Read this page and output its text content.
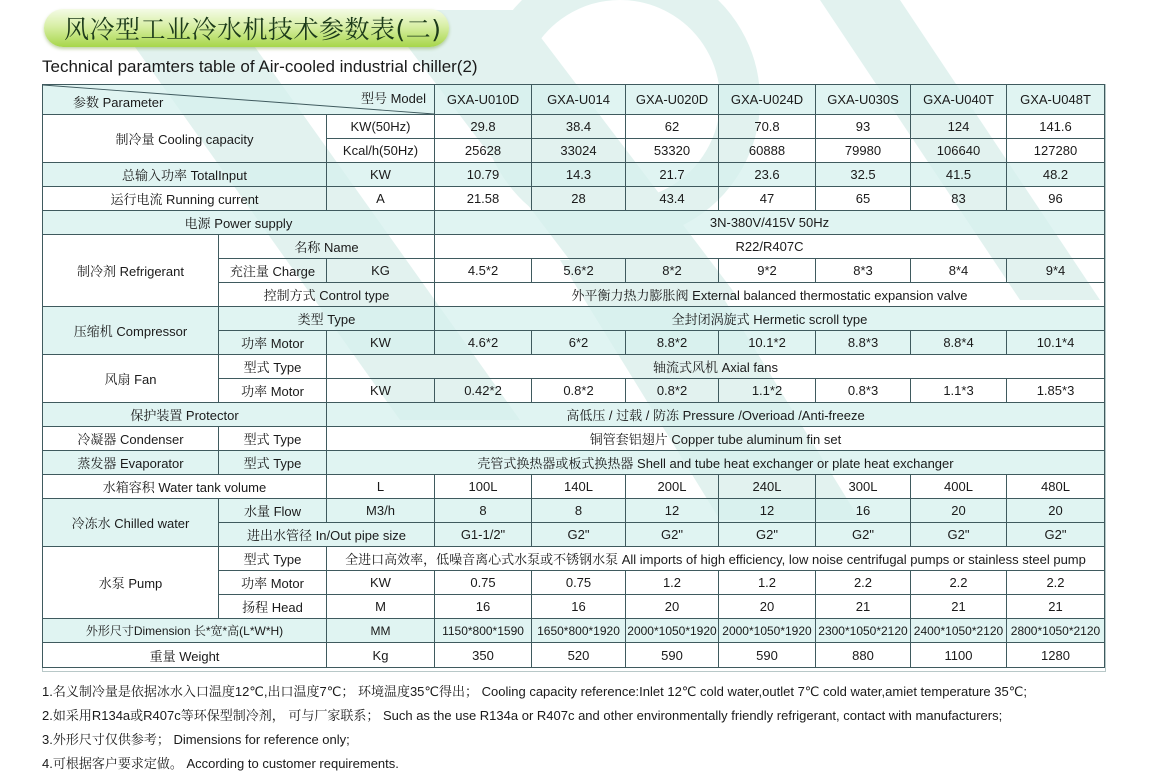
风冷型工业冷水机技术参数表(二)
Technical paramters table of Air-cooled industrial chiller(2)
参数 Parameter 型号 Model			GXA-U010D	GXA-U014	GXA-U020D	GXA-U024D	GXA-U030S	GXA-U040T	GXA-U048T
制冷量 Cooling capacity		KW(50Hz)	29.8	38.4	62	70.8	93	124	141.6
		Kcal/h(50Hz)	25628	33024	53320	60888	79980	106640	127280
总输入功率 TotalInput		KW	10.79	14.3	21.7	23.6	32.5	41.5	48.2
运行电流 Running current		A	21.58	28	43.4	47	65	83	96
电源 Power supply			3N-380V/415V 50Hz						
制冷剂 Refrigerant	名称 Name		R22/R407C						
	充注量 Charge	KG	4.5*2	5.6*2	8*2	9*2	8*3	8*4	9*4
	控制方式 Control type		外平衡力热力膨胀阀 External balanced thermostatic expansion valve						
压缩机 Compressor	类型 Type		全封闭涡旋式 Hermetic scroll type						
	功率 Motor	KW	4.6*2	6*2	8.8*2	10.1*2	8.8*3	8.8*4	10.1*4
风扇 Fan	型式 Type	轴流式风机 Axial fans							
	功率 Motor	KW	0.42*2	0.8*2	0.8*2	1.1*2	0.8*3	1.1*3	1.85*3
保护装置 Protector		高低压 / 过载 / 防冻 Pressure /Overioad /Anti-freeze							
冷凝器 Condenser	型式 Type	铜管套铝翅片 Copper tube aluminum fin set							
蒸发器 Evaporator	型式 Type	壳管式换热器或板式换热器 Shell and tube heat exchanger or plate heat exchanger							
水箱容积 Water tank volume		L	100L	140L	200L	240L	300L	400L	480L
冷冻水 Chilled water	水量 Flow	M3/h	8	8	12	12	16	20	20
	进出水管径 In/Out pipe size		G1-1/2"	G2"	G2"	G2"	G2"	G2"	G2"
水泵 Pump	型式 Type	全进口高效率，低噪音离心式水泵或不锈钢水泵 All imports of high efficiency, low noise centrifugal pumps or stainless steel pump							
	功率 Motor	KW	0.75	0.75	1.2	1.2	2.2	2.2	2.2
	扬程 Head	M	16	16	20	20	21	21	21
外形尺寸Dimension 长*宽*高(L*W*H)		MM	1150*800*1590	1650*800*1920	2000*1050*1920	2000*1050*1920	2300*1050*2120	2400*1050*2120	2800*1050*2120
重量 Weight		Kg	350	520	590	590	880	1100	1280
1.名义制冷量是依据冰水入口温度12℃,出口温度7℃； 环境温度35℃得出； Cooling capacity reference:Inlet 12℃ cold water,outlet 7℃ cold water,amiet temperature 35℃;
2.如采用R134a或R407c等环保型制冷剂， 可与厂家联系； Such as the use R134a or R407c and other environmentally friendly refrigerant, contact with manufacturers;
3.外形尺寸仅供参考； Dimensions for reference only;
4.可根据客户要求定做。 According to customer requirements.
